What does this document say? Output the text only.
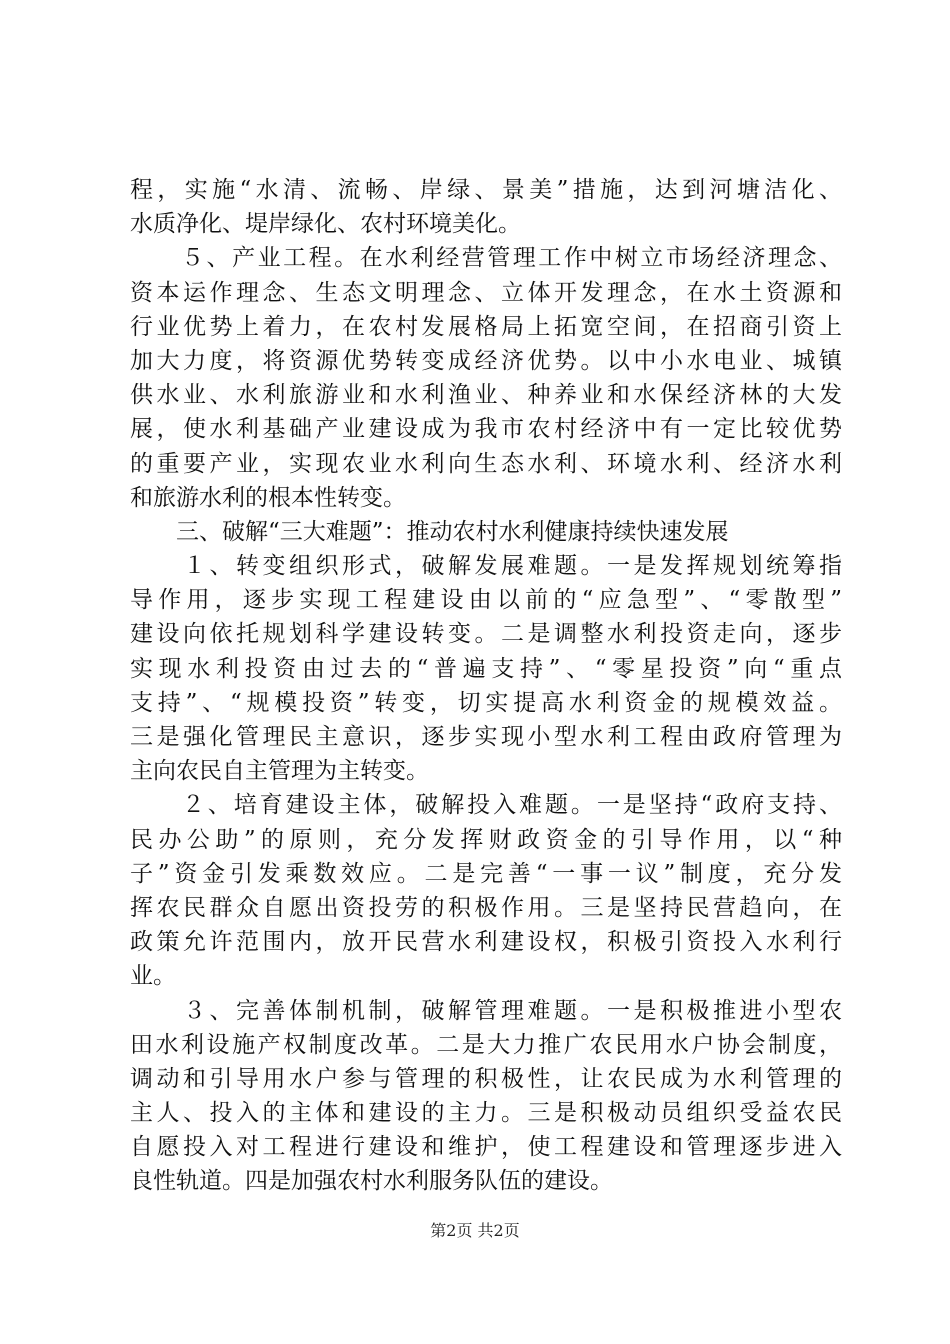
程，实施“水清、流畅、岸绿、景美”措施，达到河塘洁化、
水质净化、堤岸绿化、农村环境美化。
　　５、产业工程。在水利经营管理工作中树立市场经济理念、
资本运作理念、生态文明理念、立体开发理念，在水土资源和
行业优势上着力，在农村发展格局上拓宽空间，在招商引资上
加大力度，将资源优势转变成经济优势。以中小水电业、城镇
供水业、水利旅游业和水利渔业、种养业和水保经济林的大发
展，使水利基础产业建设成为我市农村经济中有一定比较优势
的重要产业，实现农业水利向生态水利、环境水利、经济水利
和旅游水利的根本性转变。
　　三、破解“三大难题”：推动农村水利健康持续快速发展
　　１、转变组织形式，破解发展难题。一是发挥规划统筹指
导作用，逐步实现工程建设由以前的“应急型”、“零散型”
建设向依托规划科学建设转变。二是调整水利投资走向，逐步
实现水利投资由过去的“普遍支持”、“零星投资”向“重点
支持”、“规模投资”转变，切实提高水利资金的规模效益。
三是强化管理民主意识，逐步实现小型水利工程由政府管理为
主向农民自主管理为主转变。
　　２、培育建设主体，破解投入难题。一是坚持“政府支持、
民办公助”的原则，充分发挥财政资金的引导作用，以“种
子”资金引发乘数效应。二是完善“一事一议”制度，充分发
挥农民群众自愿出资投劳的积极作用。三是坚持民营趋向，在
政策允许范围内，放开民营水利建设权，积极引资投入水利行
业。
　　３、完善体制机制，破解管理难题。一是积极推进小型农
田水利设施产权制度改革。二是大力推广农民用水户协会制度，
调动和引导用水户参与管理的积极性，让农民成为水利管理的
主人、投入的主体和建设的主力。三是积极动员组织受益农民
自愿投入对工程进行建设和维护，使工程建设和管理逐步进入
良性轨道。四是加强农村水利服务队伍的建设。
第2页 共2页
